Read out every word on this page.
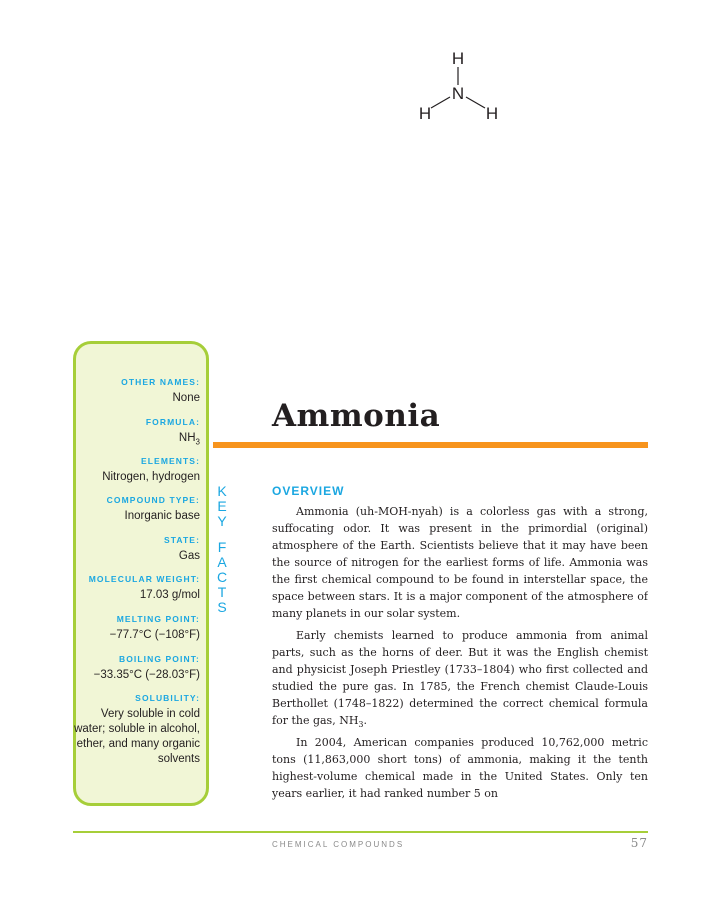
H
N
H	H
OTHER NAMES:
None
FORMULA:
$NH_3$
ELEMENTS:
Nitrogen, hydrogen
COMPOUND TYPE:
Inorganic base
STATE:
Gas
MOLECULAR WEIGHT:
17.03 g/mol
MELTING POINT:
−77.7°C (−108°F)
BOILING POINT:
−33.35°C (−28.03°F)
SOLUBILITY:
Very soluble in cold water; soluble in alcohol, ether, and many organic solvents
K
E
Y
F
A
C
T
S
Ammonia
OVERVIEW

Ammonia (uh-MOH-nyah) is a colorless gas with a strong, suffocating odor. It was present in the primordial (original) atmosphere of the Earth. Scientists believe that it may have been the source of nitrogen for the earliest forms of life. Ammonia was the first chemical compound to be found in interstellar space, the space between stars. It is a major component of the atmosphere of many planets in our solar system.

Early chemists learned to produce ammonia from animal parts, such as the horns of deer. But it was the English chemist and physicist Joseph Priestley (1733–1804) who first collected and studied the pure gas. In 1785, the French chemist Claude-Louis Berthollet (1748–1822) determined the correct chemical formula for the gas, $NH_3$.

In 2004, American companies produced 10,762,000 metric tons (11,863,000 short tons) of ammonia, making it the tenth highest-volume chemical made in the United States. Only ten years earlier, it had ranked number 5 on

CHEMICAL COMPOUNDS	57
